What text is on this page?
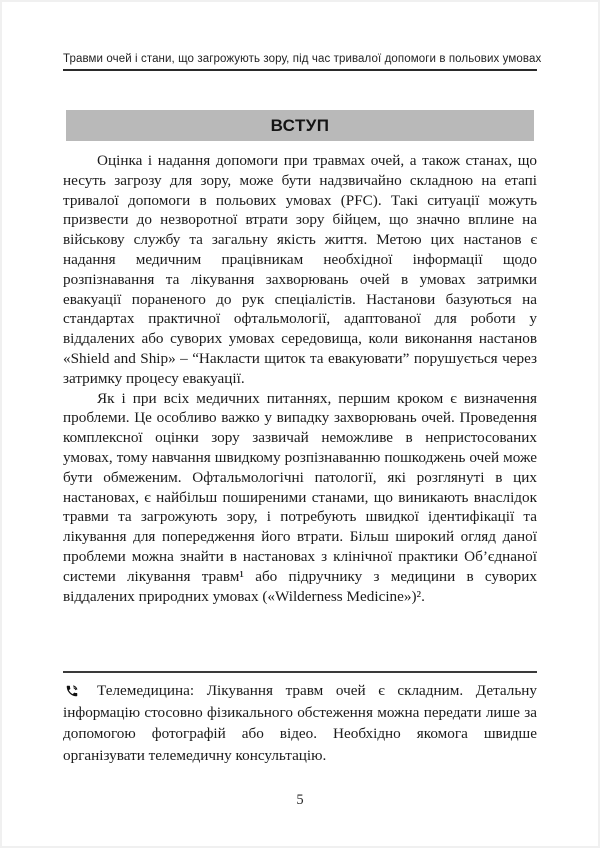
Травми очей і стани, що загрожують зору, під час тривалої допомоги в польових умовах
ВСТУП

Оцінка і надання допомоги при травмах очей, а також станах, що несуть загрозу для зору, може бути надзвичайно складною на етапі тривалої допомоги в польових умовах (PFC). Такі ситуації можуть призвести до незворотної втрати зору бійцем, що значно вплине на військову службу та загальну якість життя. Метою цих настанов є надання медичним працівникам необхідної інформації щодо розпізнавання та лікування захворювань очей в умовах затримки евакуації пораненого до рук спеціалістів. Настанови базуються на стандартах практичної офтальмології, адаптованої для роботи у віддалених або суворих умовах середовища, коли виконання настанов «Shield and Ship» – “Накласти щиток та евакуювати” порушується через затримку процесу евакуації.

Як і при всіх медичних питаннях, першим кроком є визначення проблеми. Це особливо важко у випадку захворювань очей. Проведення комплексної оцінки зору зазвичай неможливе в непристосованих умовах, тому навчання швидкому розпізнаванню пошкоджень очей може бути обмеженим. Офтальмологічні патології, які розглянуті в цих настановах, є найбільш поширеними станами, що виникають внаслідок травми та загрожують зору, і потребують швидкої ідентифікації та лікування для попередження його втрати. Більш широкий огляд даної проблеми можна знайти в настановах з клінічної практики Об’єднаної системи лікування травм¹ або підручнику з медицини в суворих віддалених природних умовах («Wilderness Medicine»)².

Телемедицина: Лікування травм очей є складним. Детальну інформацію стосовно фізикального обстеження можна передати лише за допомогою фотографій або відео. Необхідно якомога швидше організувати телемедичну консультацію.

5
